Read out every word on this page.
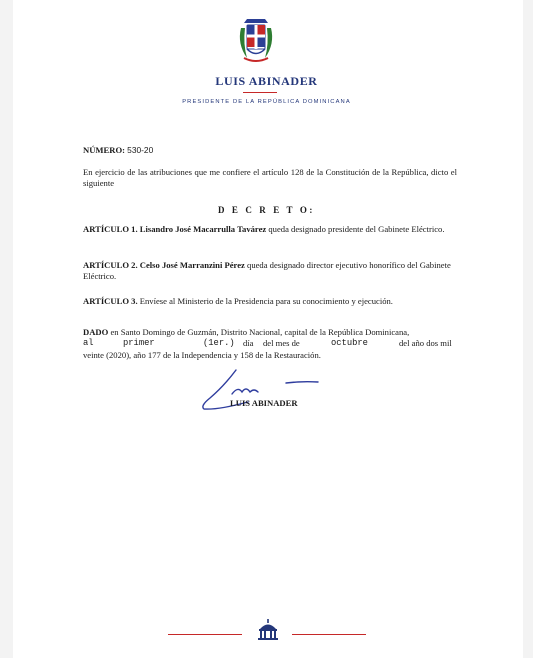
LUIS ABINADER
PRESIDENTE DE LA REPÚBLICA DOMINICANA
NÚMERO: 530-20
En ejercicio de las atribuciones que me confiere el artículo 128 de la Constitución de la República, dicto el siguiente
D E C R E T O:
ARTÍCULO 1. Lisandro José Macarrulla Tavárez queda designado presidente del Gabinete Eléctrico.
ARTÍCULO 2. Celso José Marranzini Pérez queda designado director ejecutivo honorífico del Gabinete Eléctrico.
ARTÍCULO 3. Envíese al Ministerio de la Presidencia para su conocimiento y ejecución.
DADO en Santo Domingo de Guzmán, Distrito Nacional, capital de la República Dominicana,
al	primer	(1er.) día del mes de	octubre	del año dos mil
veinte (2020), año 177 de la Independencia y 158 de la Restauración.
LUIS ABINADER
